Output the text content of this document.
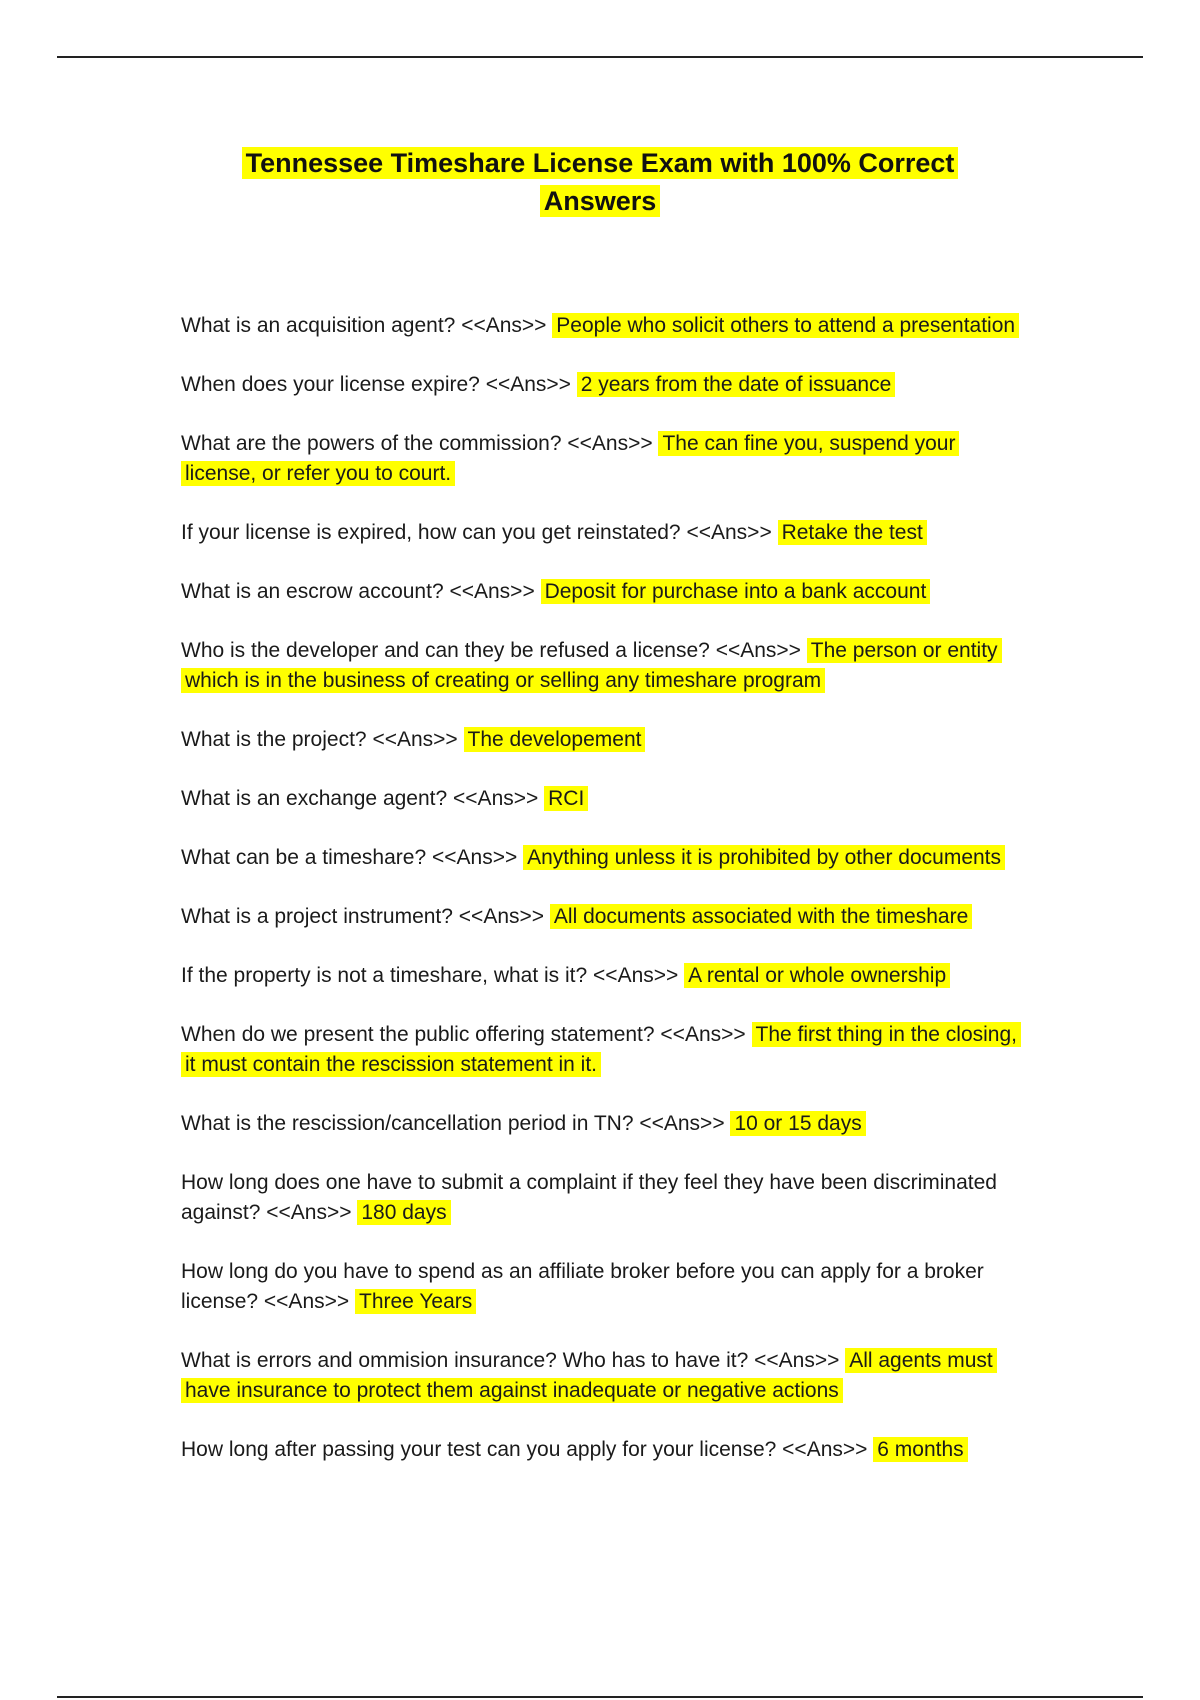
Tennessee Timeshare License Exam with 100% Correct
Answers
What is an acquisition agent? <<Ans>> People who solicit others to attend a presentation
When does your license expire? <<Ans>> 2 years from the date of issuance
What are the powers of the commission? <<Ans>> The can fine you, suspend your license, or refer you to court.
If your license is expired, how can you get reinstated? <<Ans>> Retake the test
What is an escrow account? <<Ans>> Deposit for purchase into a bank account
Who is the developer and can they be refused a license? <<Ans>> The person or entity which is in the business of creating or selling any timeshare program
What is the project? <<Ans>> The developement
What is an exchange agent? <<Ans>> RCI
What can be a timeshare? <<Ans>> Anything unless it is prohibited by other documents
What is a project instrument? <<Ans>> All documents associated with the timeshare
If the property is not a timeshare, what is it? <<Ans>> A rental or whole ownership
When do we present the public offering statement? <<Ans>> The first thing in the closing, it must contain the rescission statement in it.
What is the rescission/cancellation period in TN? <<Ans>> 10 or 15 days
How long does one have to submit a complaint if they feel they have been discriminated against? <<Ans>> 180 days
How long do you have to spend as an affiliate broker before you can apply for a broker license? <<Ans>> Three Years
What is errors and ommision insurance? Who has to have it? <<Ans>> All agents must have insurance to protect them against inadequate or negative actions
How long after passing your test can you apply for your license? <<Ans>> 6 months
